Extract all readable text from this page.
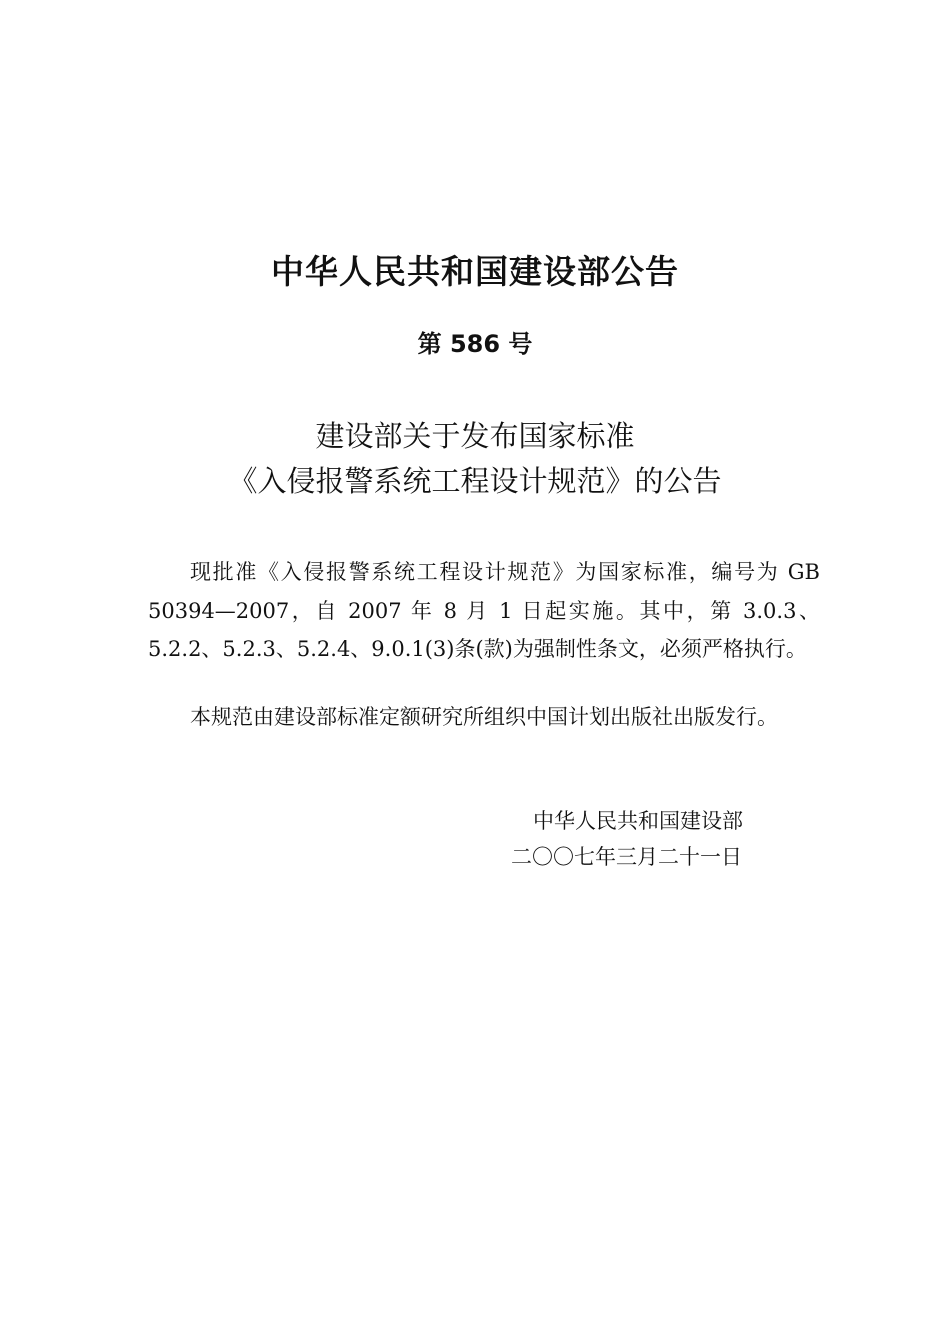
中华人民共和国建设部公告
第 586 号
建设部关于发布国家标准
《入侵报警系统工程设计规范》的公告

现批准《入侵报警系统工程设计规范》为国家标准，编号为 GB 50394—2007，自 2007 年 8 月 1 日起实施。其中，第 3.0.3、5.2.2、5.2.3、5.2.4、9.0.1(3)条(款)为强制性条文，必须严格执行。

本规范由建设部标准定额研究所组织中国计划出版社出版发行。

中华人民共和国建设部
二〇〇七年三月二十一日
